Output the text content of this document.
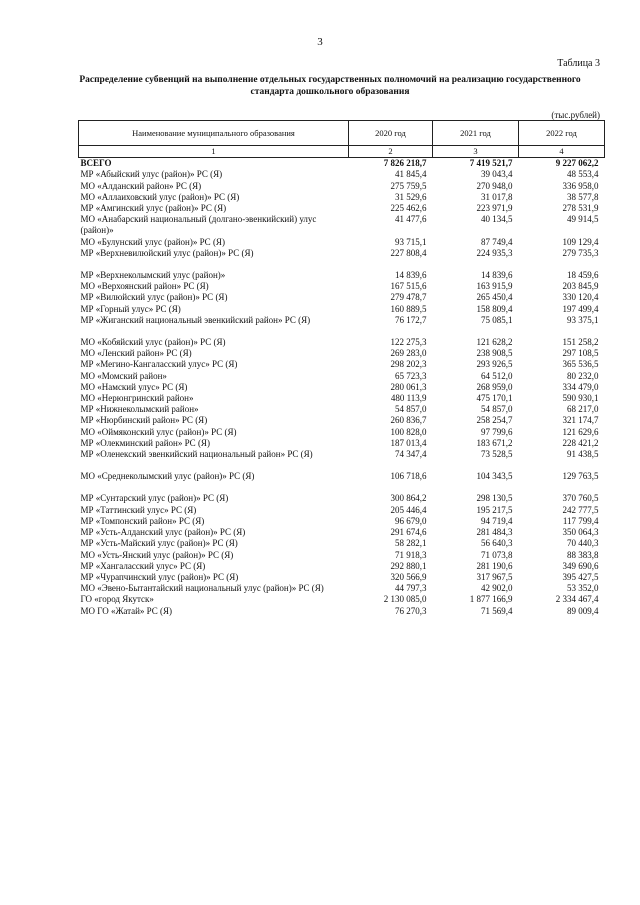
3
Таблица 3
Распределение субвенций на выполнение отдельных государственных полномочий на реализацию государственного стандарта дошкольного образования
(тыс.рублей)
Наименование муниципального образования	2020 год	2021 год	2022 год
1	2	3	4
ВСЕГО	7 826 218,7	7 419 521,7	9 227 062,2
МР «Абыйский улус (район)» РС (Я)	41 845,4	39 043,4	48 553,4
МО «Алданский район» РС (Я)	275 759,5	270 948,0	336 958,0
МО «Аллаиховский улус (район)» РС (Я)	31 529,6	31 017,8	38 577,8
МР «Амгинский улус (район)» РС (Я)	225 462,6	223 971,9	278 531,9
МО «Анабарский национальный (долгано-эвенкийский) улус (район)»	41 477,6	40 134,5	49 914,5
МО «Булунский улус (район)» РС (Я)	93 715,1	87 749,4	109 129,4
МР «Верхневилюйский улус (район)» РС (Я)	227 808,4	224 935,3	279 735,3

МР «Верхнеколымский улус (район)»	14 839,6	14 839,6	18 459,6
МО «Верхоянский район» РС (Я)	167 515,6	163 915,9	203 845,9
МР «Вилюйский улус (район)» РС (Я)	279 478,7	265 450,4	330 120,4
МР «Горный улус» РС (Я)	160 889,5	158 809,4	197 499,4
МР «Жиганский национальный эвенкийский район» РС (Я)	76 172,7	75 085,1	93 375,1

МО «Кобяйский улус (район)» РС (Я)	122 275,3	121 628,2	151 258,2
МО «Ленский район» РС (Я)	269 283,0	238 908,5	297 108,5
МР «Мегино-Кангаласский улус» РС (Я)	298 202,3	293 926,5	365 536,5
МО «Момский район»	65 723,3	64 512,0	80 232,0
МО «Намский улус» РС (Я)	280 061,3	268 959,0	334 479,0
МО «Нерюнгринский район»	480 113,9	475 170,1	590 930,1
МР «Нижнеколымский район»	54 857,0	54 857,0	68 217,0
МР «Нюрбинский район» РС (Я)	260 836,7	258 254,7	321 174,7
МО «Оймяконский улус (район)» РС (Я)	100 828,0	97 799,6	121 629,6
МР «Олекминский район» РС (Я)	187 013,4	183 671,2	228 421,2
МР «Оленекский эвенкийский национальный район» РС (Я)	74 347,4	73 528,5	91 438,5

МО «Среднеколымский улус (район)» РС (Я)	106 718,6	104 343,5	129 763,5

МР «Сунтарский улус (район)» РС (Я)	300 864,2	298 130,5	370 760,5
МР «Таттинский улус» РС (Я)	205 446,4	195 217,5	242 777,5
МР «Томпонский район» РС (Я)	96 679,0	94 719,4	117 799,4
МР «Усть-Алданский улус (район)» РС (Я)	291 674,6	281 484,3	350 064,3
МР «Усть-Майский улус (район)» РС (Я)	58 282,1	56 640,3	70 440,3
МО «Усть-Янский улус (район)» РС (Я)	71 918,3	71 073,8	88 383,8
МР «Хангаласский улус» РС (Я)	292 880,1	281 190,6	349 690,6
МР «Чурапчинский улус (район)» РС (Я)	320 566,9	317 967,5	395 427,5
МО «Эвено-Бытантайский национальный улус (район)» РС (Я)	44 797,3	42 902,0	53 352,0
ГО «город Якутск»	2 130 085,0	1 877 166,9	2 334 467,4
МО ГО «Жатай» РС (Я)	76 270,3	71 569,4	89 009,4
